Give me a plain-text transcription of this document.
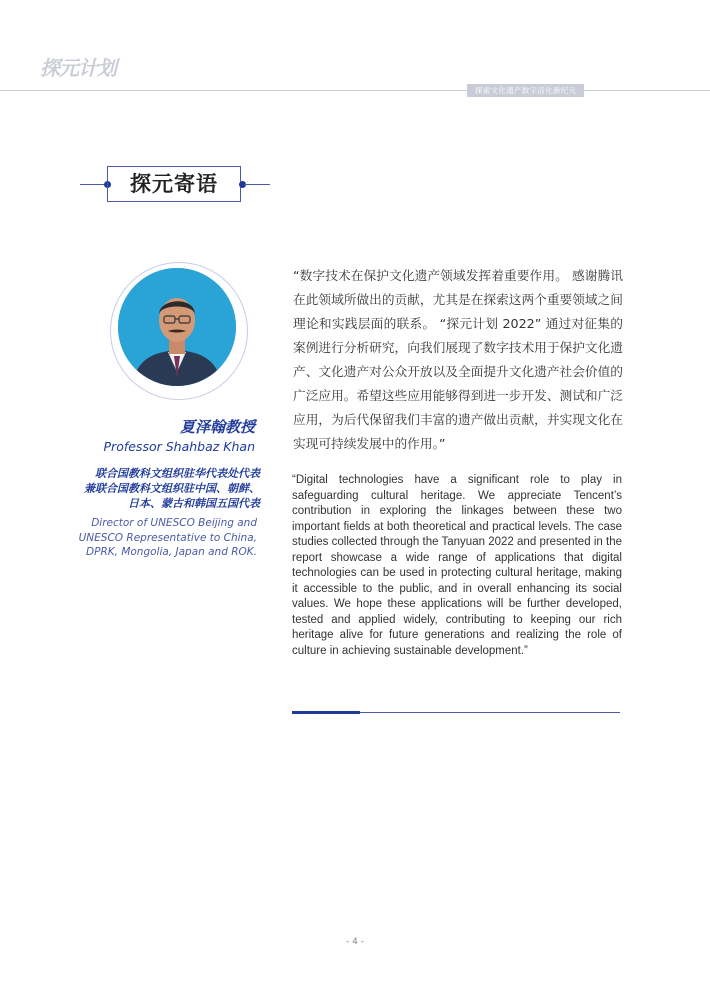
探元计划
探索文化遗产数字活化新纪元
探元寄语
夏泽翰教授
Professor Shahbaz Khan
联合国教科文组织驻华代表处代表
兼联合国教科文组织驻中国、朝鲜、
日本、蒙古和韩国五国代表
Director of UNESCO Beijing and
UNESCO Representative to China,
DPRK, Mongolia, Japan and ROK.

“数字技术在保护文化遗产领域发挥着重要作用。 感谢腾讯在此领域所做出的贡献，尤其是在探索这两个重要领域之间理论和实践层面的联系。 “探元计划 2022” 通过对征集的案例进行分析研究，向我们展现了数字技术用于保护文化遗产、文化遗产对公众开放以及全面提升文化遗产社会价值的广泛应用。希望这些应用能够得到进一步开发、测试和广泛应用，为后代保留我们丰富的遗产做出贡献，并实现文化在实现可持续发展中的作用。”

“Digital technologies have a significant role to play in safeguarding cultural heritage. We appreciate Tencent’s contribution in exploring the linkages between these two important fields at both theoretical and practical levels. The case studies collected through the Tanyuan 2022 and presented in the report showcase a wide range of applications that digital technologies can be used in protecting cultural heritage, making it accessible to the public, and in overall enhancing its social values. We hope these applications will be further developed, tested and applied widely, contributing to keeping our rich heritage alive for future generations and realizing the role of culture in achieving sustainable development.”

- 4 -
